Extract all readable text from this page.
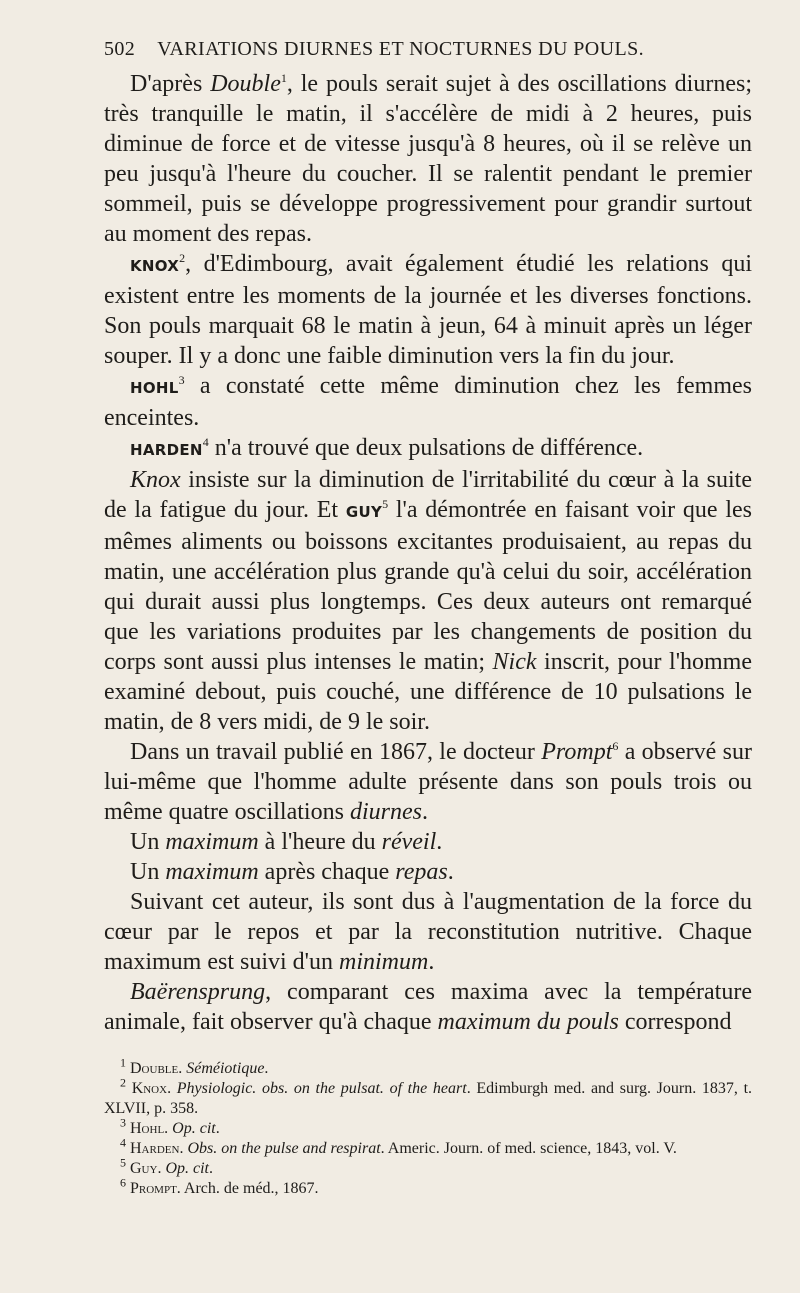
502 VARIATIONS DIURNES ET NOCTURNES DU POULS.

D'après Double$^1$, le pouls serait sujet à des oscillations diurnes; très tranquille le matin, il s'accélère de midi à 2 heures, puis diminue de force et de vitesse jusqu'à 8 heures, où il se relève un peu jusqu'à l'heure du coucher. Il se ralentit pendant le premier sommeil, puis se développe progressivement pour grandir surtout au moment des repas.

KNOX$^2$, d'Edimbourg, avait également étudié les relations qui existent entre les moments de la journée et les diverses fonctions. Son pouls marquait 68 le matin à jeun, 64 à minuit après un léger souper. Il y a donc une faible diminution vers la fin du jour.

HOHL$^3$ a constaté cette même diminution chez les femmes enceintes.

HARDEN$^4$ n'a trouvé que deux pulsations de différence.

Knox insiste sur la diminution de l'irritabilité du cœur à la suite de la fatigue du jour. Et GUY$^5$ l'a démontrée en faisant voir que les mêmes aliments ou boissons excitantes produisaient, au repas du matin, une accélération plus grande qu'à celui du soir, accélération qui durait aussi plus longtemps. Ces deux auteurs ont remarqué que les variations produites par les changements de position du corps sont aussi plus intenses le matin; Nick inscrit, pour l'homme examiné debout, puis couché, une différence de 10 pulsations le matin, de 8 vers midi, de 9 le soir.

Dans un travail publié en 1867, le docteur Prompt$^6$ a observé sur lui-même que l'homme adulte présente dans son pouls trois ou même quatre oscillations diurnes.

Un maximum à l'heure du réveil.

Un maximum après chaque repas.

Suivant cet auteur, ils sont dus à l'augmentation de la force du cœur par le repos et par la reconstitution nutritive. Chaque maximum est suivi d'un minimum.

Baërensprung, comparant ces maxima avec la température animale, fait observer qu'à chaque maximum du pouls correspond

$^1$ Double. Séméiotique.

$^2$ Knox. Physiologic. obs. on the pulsat. of the heart. Edimburgh med. and surg. Journ. 1837, t. XLVII, p. 358.

$^3$ Hohl. Op. cit.

$^4$ Harden. Obs. on the pulse and respirat. Americ. Journ. of med. science, 1843, vol. V.

$^5$ Guy. Op. cit.

$^6$ Prompt. Arch. de méd., 1867.
